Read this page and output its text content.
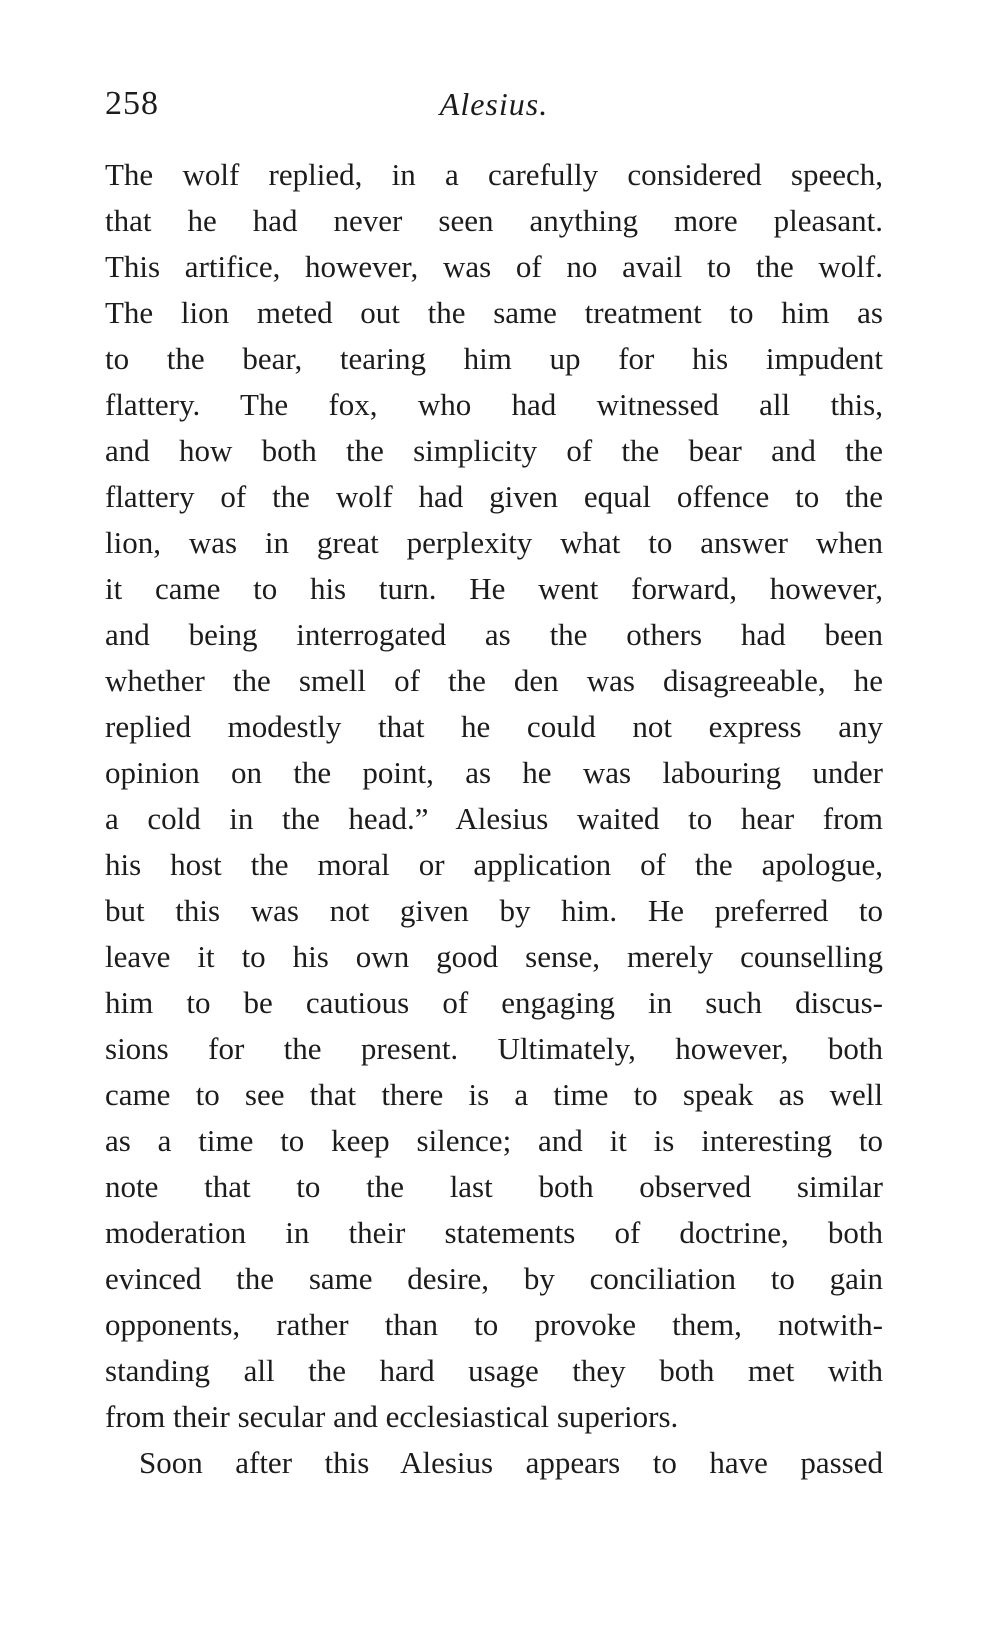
258	Alesius.
The wolf replied, in a carefully considered speech,
that he had never seen anything more pleasant.
This artifice, however, was of no avail to the wolf.
The lion meted out the same treatment to him as
to the bear, tearing him up for his impudent
flattery. The fox, who had witnessed all this,
and how both the simplicity of the bear and the
flattery of the wolf had given equal offence to the
lion, was in great perplexity what to answer when
it came to his turn. He went forward, however,
and being interrogated as the others had been
whether the smell of the den was disagreeable, he
replied modestly that he could not express any
opinion on the point, as he was labouring under
a cold in the head.” Alesius waited to hear from
his host the moral or application of the apologue,
but this was not given by him. He preferred to
leave it to his own good sense, merely counselling
him to be cautious of engaging in such discus-
sions for the present. Ultimately, however, both
came to see that there is a time to speak as well
as a time to keep silence; and it is interesting to
note that to the last both observed similar
moderation in their statements of doctrine, both
evinced the same desire, by conciliation to gain
opponents, rather than to provoke them, notwith-
standing all the hard usage they both met with
from their secular and ecclesiastical superiors.
Soon after this Alesius appears to have passed
